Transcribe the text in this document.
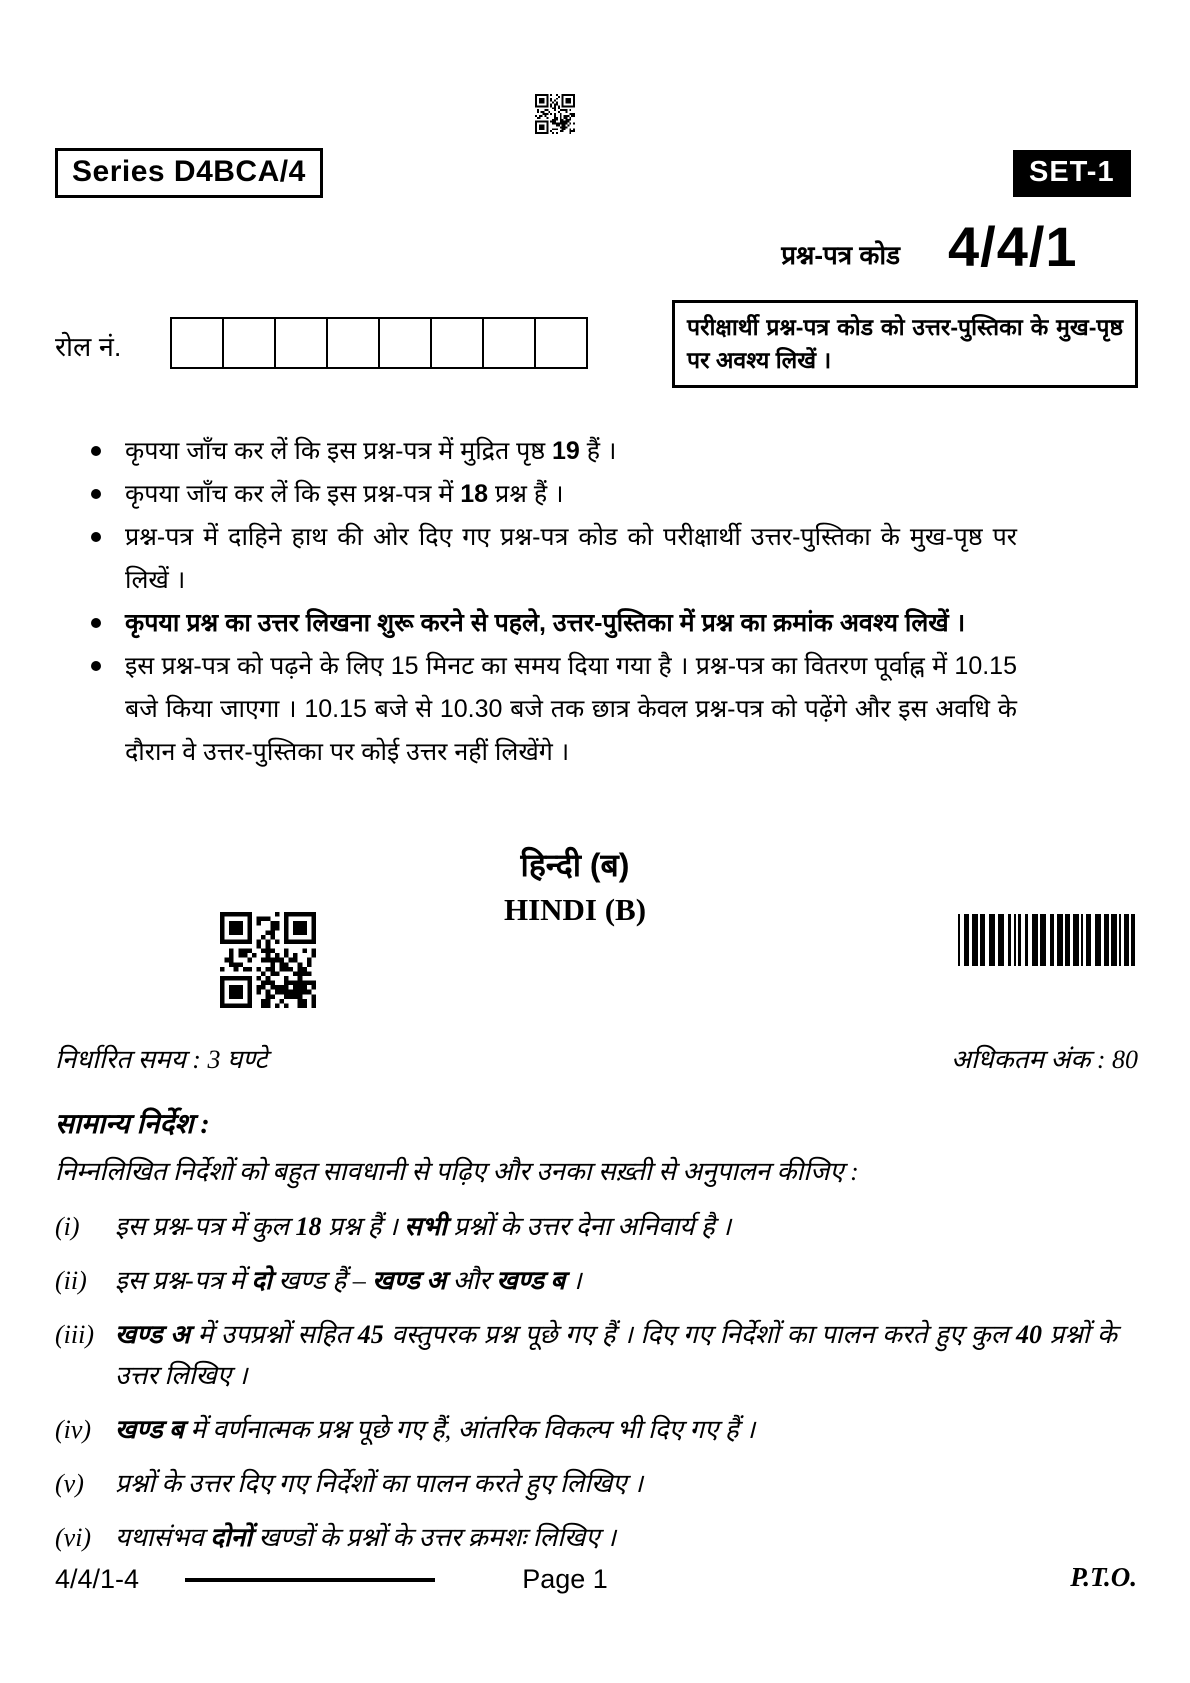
Series D4BCA/4	SET-1
प्रश्न-पत्र कोड 4/4/1
रोल नं.
परीक्षार्थी प्रश्न-पत्र कोड को उत्तर-पुस्तिका के मुख-पृष्ठ पर अवश्य लिखें ।
कृपया जाँच कर लें कि इस प्रश्न-पत्र में मुद्रित पृष्ठ 19 हैं ।
कृपया जाँच कर लें कि इस प्रश्न-पत्र में 18 प्रश्न हैं ।
प्रश्न-पत्र में दाहिने हाथ की ओर दिए गए प्रश्न-पत्र कोड को परीक्षार्थी उत्तर-पुस्तिका के मुख-पृष्ठ पर लिखें ।
कृपया प्रश्न का उत्तर लिखना शुरू करने से पहले, उत्तर-पुस्तिका में प्रश्न का क्रमांक अवश्य लिखें ।
इस प्रश्न-पत्र को पढ़ने के लिए 15 मिनट का समय दिया गया है । प्रश्न-पत्र का वितरण पूर्वाह्न में 10.15 बजे किया जाएगा । 10.15 बजे से 10.30 बजे तक छात्र केवल प्रश्न-पत्र को पढ़ेंगे और इस अवधि के दौरान वे उत्तर-पुस्तिका पर कोई उत्तर नहीं लिखेंगे ।
हिन्दी (ब)
HINDI (B)
निर्धारित समय : 3 घण्टे	अधिकतम अंक : 80
सामान्य निर्देश :
निम्नलिखित निर्देशों को बहुत सावधानी से पढ़िए और उनका सख़्ती से अनुपालन कीजिए :
(i)	इस प्रश्न-पत्र में कुल 18 प्रश्न हैं । सभी प्रश्नों के उत्तर देना अनिवार्य है ।
(ii)	इस प्रश्न-पत्र में दो खण्ड हैं – खण्ड अ और खण्ड ब ।
(iii) खण्ड अ में उपप्रश्नों सहित 45 वस्तुपरक प्रश्न पूछे गए हैं । दिए गए निर्देशों का पालन करते हुए कुल 40 प्रश्नों के उत्तर लिखिए ।
(iv) खण्ड ब में वर्णनात्मक प्रश्न पूछे गए हैं, आंतरिक विकल्प भी दिए गए हैं ।
(v)	प्रश्नों के उत्तर दिए गए निर्देशों का पालन करते हुए लिखिए ।
(vi) यथासंभव दोनों खण्डों के प्रश्नों के उत्तर क्रमशः लिखिए ।
4/4/1-4	Page 1	P.T.O.
